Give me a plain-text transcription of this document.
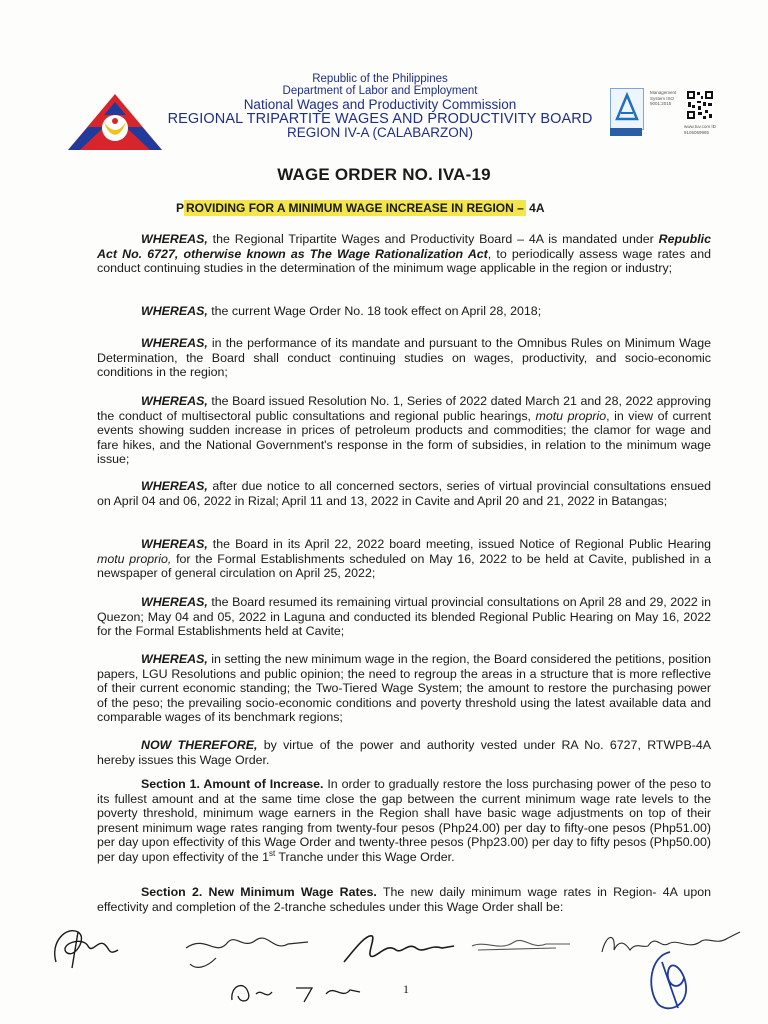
Republic of the Philippines
Department of Labor and Employment
National Wages and Productivity Commission
REGIONAL TRIPARTITE WAGES AND PRODUCTIVITY BOARD
REGION IV-A (CALABARZON)
Management System ISO 9001:2015
www.tuv.com ID 9105059985
WAGE ORDER NO. IVA-19
P ROVIDING FOR A MINIMUM WAGE INCREASE IN REGION – 4A

WHEREAS, the Regional Tripartite Wages and Productivity Board – 4A is mandated under Republic Act No. 6727, otherwise known as The Wage Rationalization Act, to periodically assess wage rates and conduct continuing studies in the determination of the minimum wage applicable in the region or industry;

WHEREAS, the current Wage Order No. 18 took effect on April 28, 2018;

WHEREAS, in the performance of its mandate and pursuant to the Omnibus Rules on Minimum Wage Determination, the Board shall conduct continuing studies on wages, productivity, and socio-economic conditions in the region;

WHEREAS, the Board issued Resolution No. 1, Series of 2022 dated March 21 and 28, 2022 approving the conduct of multisectoral public consultations and regional public hearings, motu proprio, in view of current events showing sudden increase in prices of petroleum products and commodities; the clamor for wage and fare hikes, and the National Government's response in the form of subsidies, in relation to the minimum wage issue;

WHEREAS, after due notice to all concerned sectors, series of virtual provincial consultations ensued on April 04 and 06, 2022 in Rizal; April 11 and 13, 2022 in Cavite and April 20 and 21, 2022 in Batangas;

WHEREAS, the Board in its April 22, 2022 board meeting, issued Notice of Regional Public Hearing motu proprio, for the Formal Establishments scheduled on May 16, 2022 to be held at Cavite, published in a newspaper of general circulation on April 25, 2022;

WHEREAS, the Board resumed its remaining virtual provincial consultations on April 28 and 29, 2022 in Quezon; May 04 and 05, 2022 in Laguna and conducted its blended Regional Public Hearing on May 16, 2022 for the Formal Establishments held at Cavite;

WHEREAS, in setting the new minimum wage in the region, the Board considered the petitions, position papers, LGU Resolutions and public opinion; the need to regroup the areas in a structure that is more reflective of their current economic standing; the Two-Tiered Wage System; the amount to restore the purchasing power of the peso; the prevailing socio-economic conditions and poverty threshold using the latest available data and comparable wages of its benchmark regions;

NOW THEREFORE, by virtue of the power and authority vested under RA No. 6727, RTWPB-4A hereby issues this Wage Order.

Section 1. Amount of Increase. In order to gradually restore the loss purchasing power of the peso to its fullest amount and at the same time close the gap between the current minimum wage rate levels to the poverty threshold, minimum wage earners in the Region shall have basic wage adjustments on top of their present minimum wage rates ranging from twenty-four pesos (Php24.00) per day to fifty-one pesos (Php51.00) per day upon effectivity of this Wage Order and twenty-three pesos (Php23.00) per day to fifty pesos (Php50.00) per day upon effectivity of the 1st Tranche under this Wage Order.

Section 2. New Minimum Wage Rates. The new daily minimum wage rates in Region- 4A upon effectivity and completion of the 2-tranche schedules under this Wage Order shall be:

1
